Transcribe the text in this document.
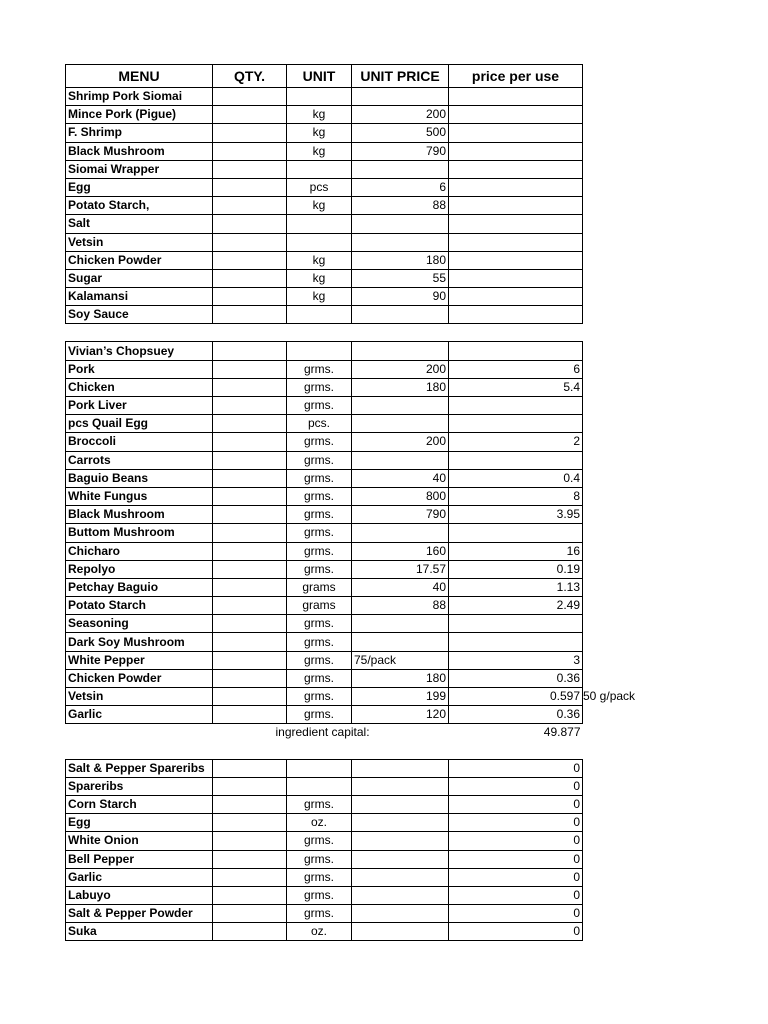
MENU	QTY.	UNIT	UNIT PRICE	price per use
Shrimp Pork Siomai				
Mince Pork (Pigue)		kg	200	
F. Shrimp		kg	500	
Black Mushroom		kg	790	
Siomai Wrapper				
Egg		pcs	6	
Potato Starch,		kg	88	
Salt				
Vetsin				
Chicken Powder		kg	180	
Sugar		kg	55	
Kalamansi		kg	90	
Soy Sauce				

Vivian’s Chopsuey				
Pork		grms.	200	6
Chicken		grms.	180	5.4
Pork Liver		grms.		
pcs Quail Egg		pcs.		
Broccoli		grms.	200	2
Carrots		grms.		
Baguio Beans		grms.	40	0.4
White Fungus		grms.	800	8
Black Mushroom		grms.	790	3.95
Buttom Mushroom		grms.		
Chicharo		grms.	160	16
Repolyo		grms.	17.57	0.19
Petchay Baguio		grams	40	1.13
Potato Starch		grams	88	2.49
Seasoning		grms.		
Dark Soy Mushroom		grms.		
White Pepper		grms.	75/pack	3
Chicken Powder		grms.	180	0.36
Vetsin		grms.	199	0.597 50 g/pack

Garlic		grms.	120	0.36
	ingredient capital:			49.877

Salt & Pepper Spareribs				0
Spareribs				0
Corn Starch		grms.		0
Egg		oz.		0
White Onion		grms.		0
Bell Pepper		grms.		0
Garlic		grms.		0
Labuyo		grms.		0
Salt & Pepper Powder		grms.		0
Suka		oz.		0
